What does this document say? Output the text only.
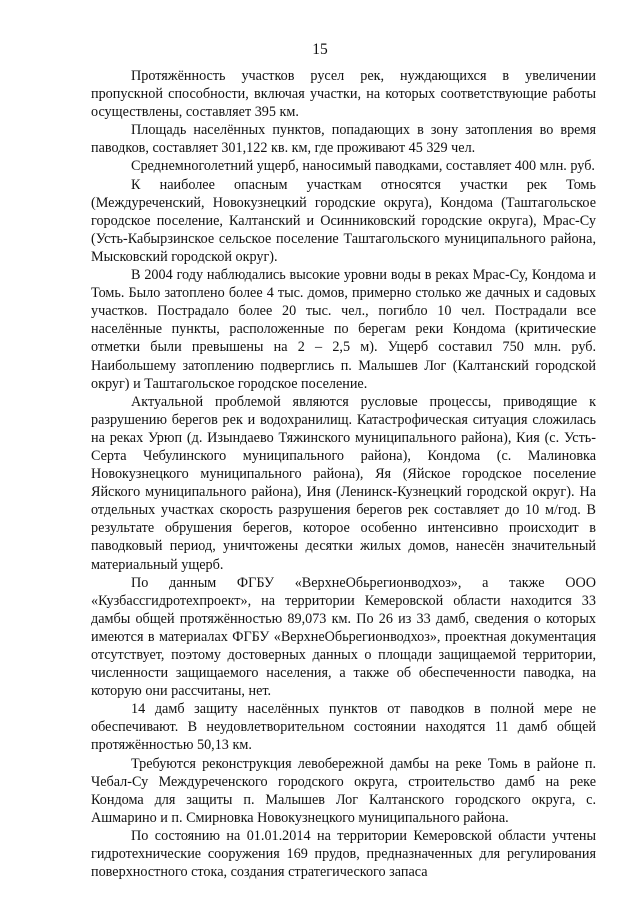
15

Протяжённость участков русел рек, нуждающихся в увеличении пропускной способности, включая участки, на которых соответствующие работы осуществлены, составляет 395 км.

Площадь населённых пунктов, попадающих в зону затопления во время паводков, составляет 301,122 кв. км, где проживают 45 329 чел.

Среднемноголетний ущерб, наносимый паводками, составляет 400 млн. руб.

К наиболее опасным участкам относятся участки рек Томь (Междуреченский, Новокузнецкий городские округа), Кондома (Таштагольское городское поселение, Калтанский и Осинниковский городские округа), Мрас-Су (Усть-Кабырзинское сельское поселение Таштагольского муниципального района, Мысковский городской округ).

В 2004 году наблюдались высокие уровни воды в реках Мрас-Су, Кондома и Томь. Было затоплено более 4 тыс. домов, примерно столько же дачных и садовых участков. Пострадало более 20 тыс. чел., погибло 10 чел. Пострадали все населённые пункты, расположенные по берегам реки Кондома (критические отметки были превышены на 2 – 2,5 м). Ущерб составил 750 млн. руб. Наибольшему затоплению подверглись п. Малышев Лог (Калтанский городской округ) и Таштагольское городское поселение.

Актуальной проблемой являются русловые процессы, приводящие к разрушению берегов рек и водохранилищ. Катастрофическая ситуация сложилась на реках Урюп (д. Изындаево Тяжинского муниципального района), Кия (с. Усть-Серта Чебулинского муниципального района), Кондома (с. Малиновка Новокузнецкого муниципального района), Яя (Яйское городское поселение Яйского муниципального района), Иня (Ленинск-Кузнецкий городской округ). На отдельных участках скорость разрушения берегов рек составляет до 10 м/год. В результате обрушения берегов, которое особенно интенсивно происходит в паводковый период, уничтожены десятки жилых домов, нанесён значительный материальный ущерб.

По данным ФГБУ «ВерхнеОбьрегионводхоз», а также ООО «Кузбассгидротехпроект», на территории Кемеровской области находится 33 дамбы общей протяжённостью 89,073 км. По 26 из 33 дамб, сведения о которых имеются в материалах ФГБУ «ВерхнеОбьрегионводхоз», проектная документация отсутствует, поэтому достоверных данных о площади защищаемой территории, численности защищаемого населения, а также об обеспеченности паводка, на которую они рассчитаны, нет.

14 дамб защиту населённых пунктов от паводков в полной мере не обеспечивают. В неудовлетворительном состоянии находятся 11 дамб общей протяжённостью 50,13 км.

Требуются реконструкция левобережной дамбы на реке Томь в районе п. Чебал-Су Междуреченского городского округа, строительство дамб на реке Кондома для защиты п. Малышев Лог Калтанского городского округа, с. Ашмарино и п. Смирновка Новокузнецкого муниципального района.

По состоянию на 01.01.2014 на территории Кемеровской области учтены гидротехнические сооружения 169 прудов, предназначенных для регулирования поверхностного стока, создания стратегического запаса
